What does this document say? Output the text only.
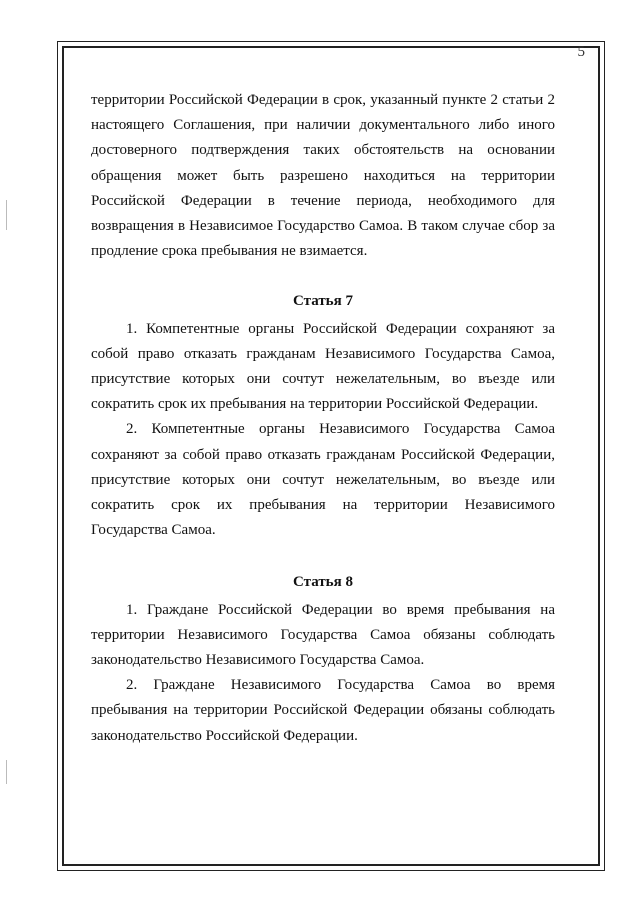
5

территории Российской Федерации в срок, указанный пункте 2 статьи 2 настоящего Соглашения, при наличии документального либо иного достоверного подтверждения таких обстоятельств на основании обращения может быть разрешено находиться на территории Российской Федерации в течение периода, необходимого для возвращения в Независимое Государство Самоа. В таком случае сбор за продление срока пребывания не взимается.

Статья 7

1. Компетентные органы Российской Федерации сохраняют за собой право отказать гражданам Независимого Государства Самоа, присутствие которых они сочтут нежелательным, во въезде или сократить срок их пребывания на территории Российской Федерации.

2. Компетентные органы Независимого Государства Самоа сохраняют за собой право отказать гражданам Российской Федерации, присутствие которых они сочтут нежелательным, во въезде или сократить срок их пребывания на территории Независимого Государства Самоа.

Статья 8

1. Граждане Российской Федерации во время пребывания на территории Независимого Государства Самоа обязаны соблюдать законодательство Независимого Государства Самоа.

2. Граждане Независимого Государства Самоа во время пребывания на территории Российской Федерации обязаны соблюдать законодательство Российской Федерации.
